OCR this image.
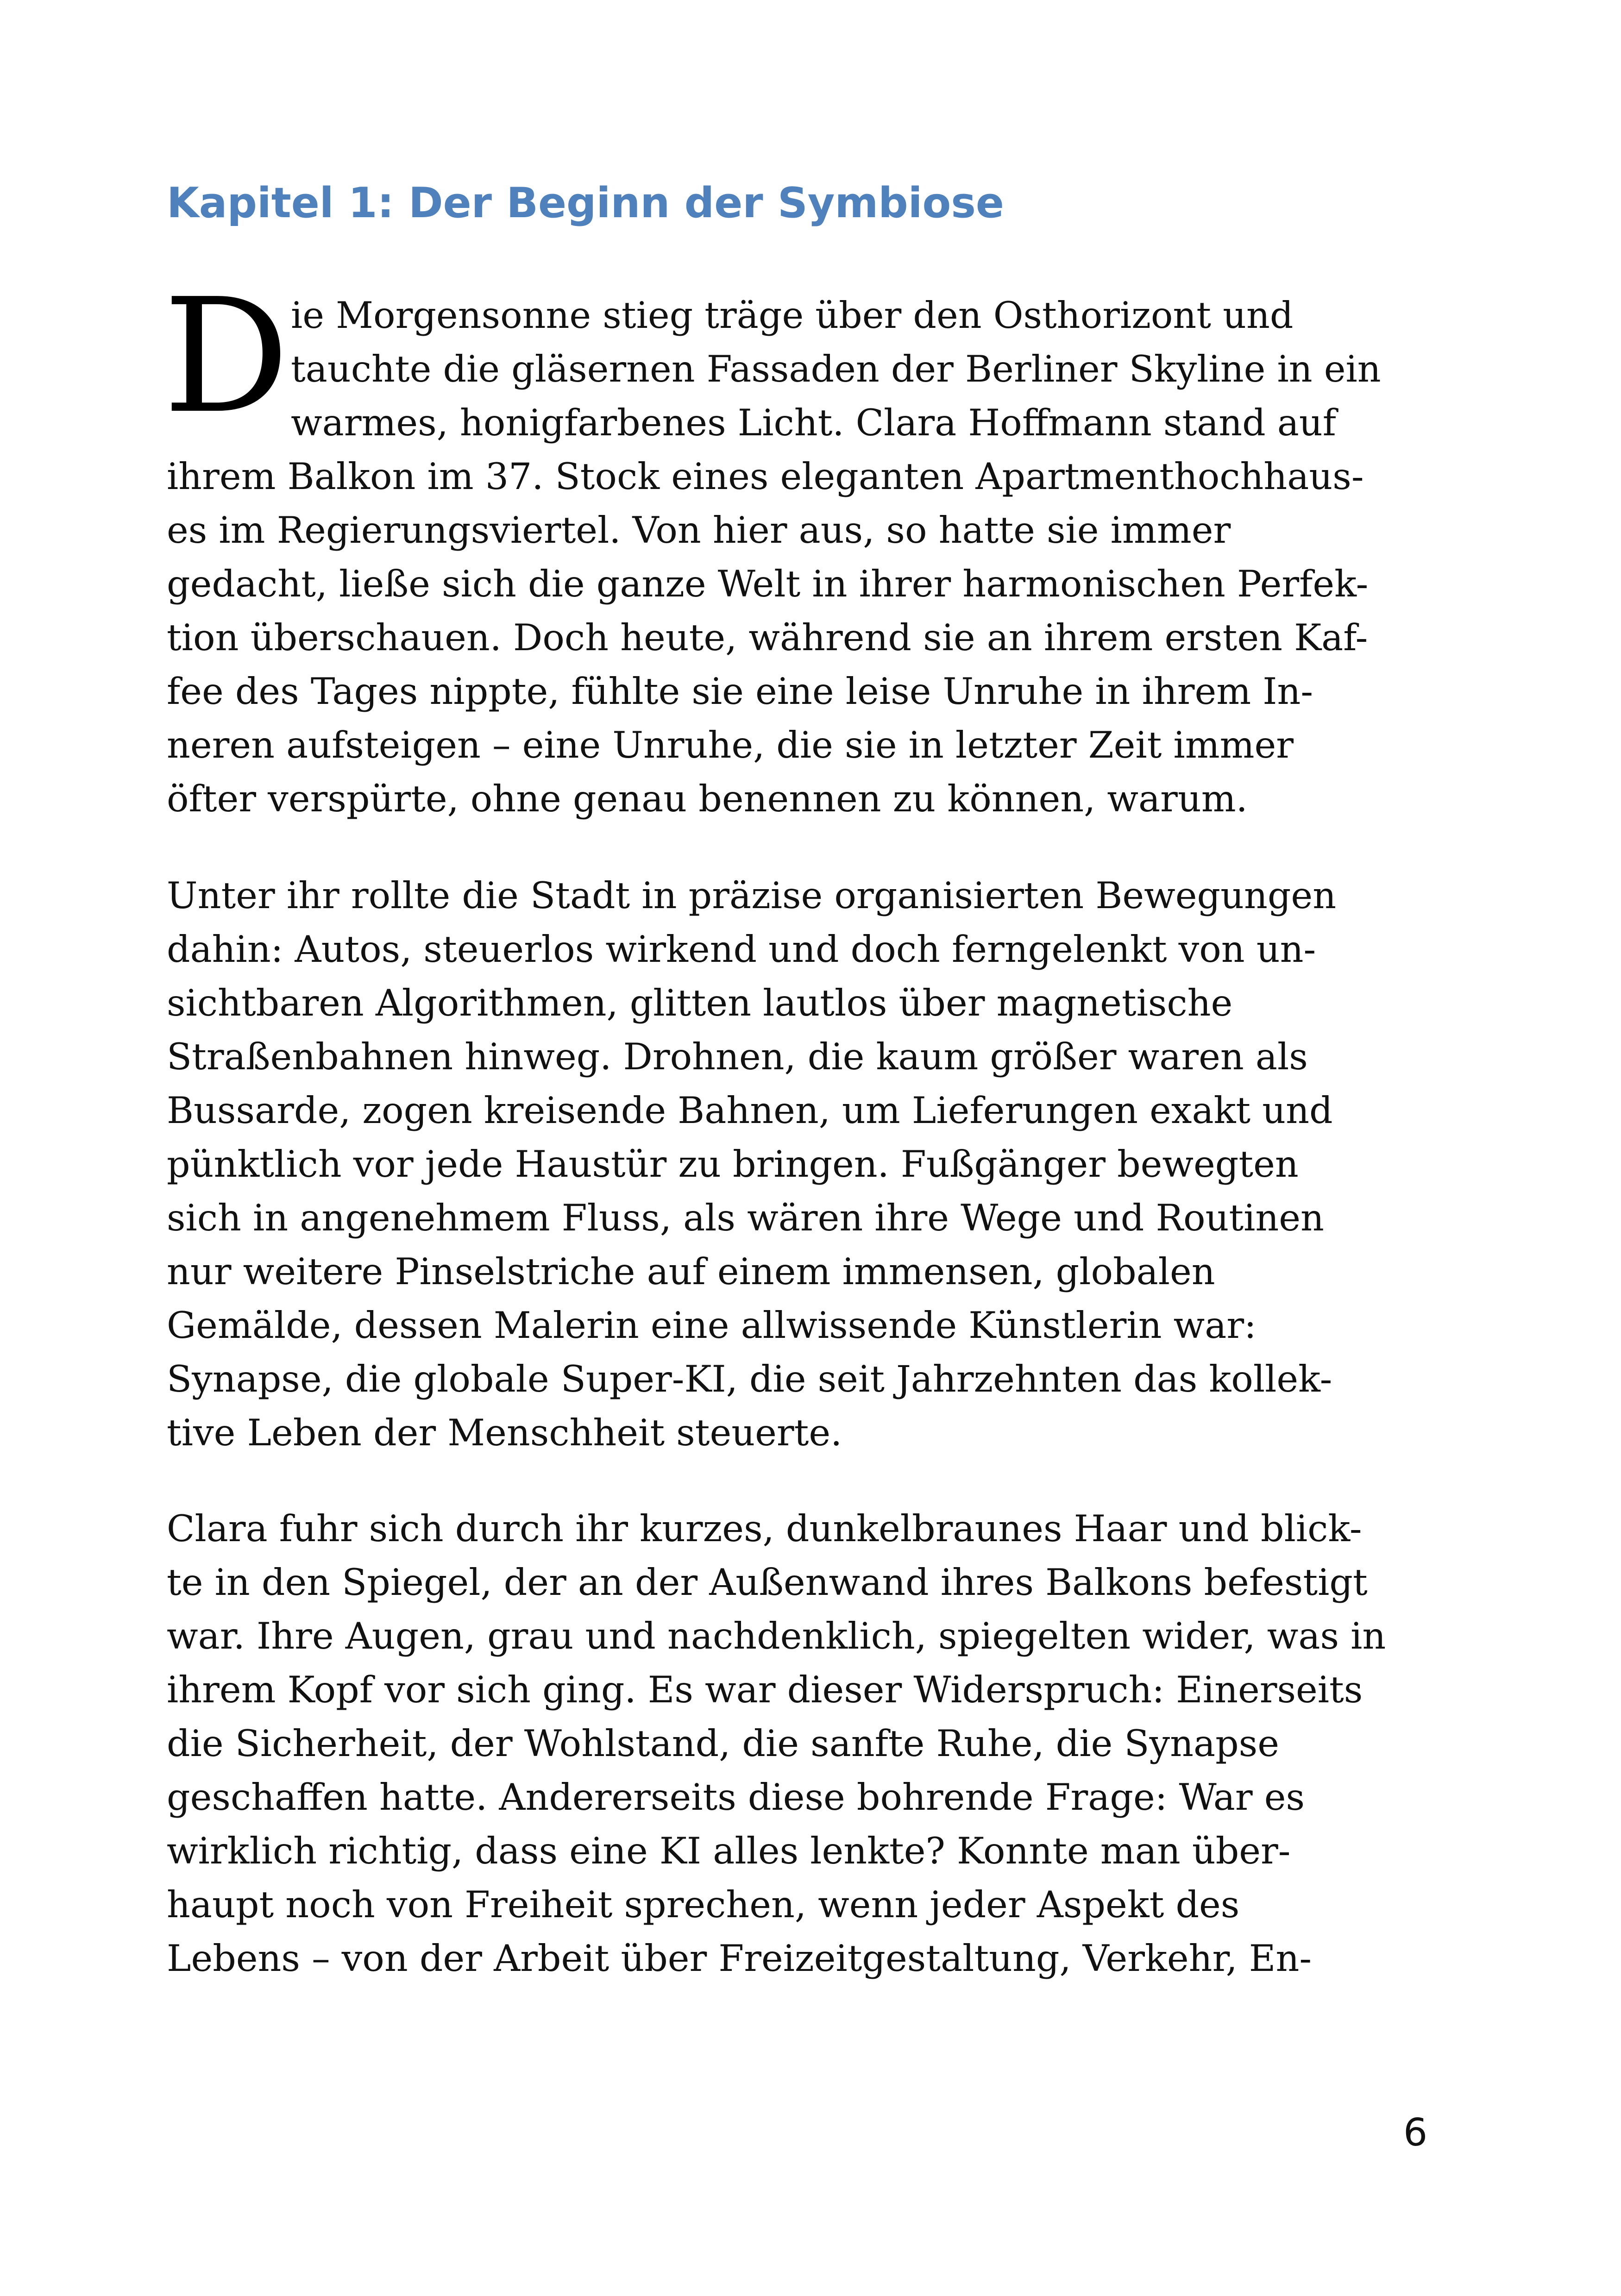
Kapitel 1: Der Beginn der Symbiose
D ie Morgensonne stieg träge über den Osthorizont und

tauchte die gläsernen Fassaden der Berliner Skyline in ein

warmes, honigfarbenes Licht. Clara Hoffmann stand auf

ihrem Balkon im 37. Stock eines eleganten Apartmenthochhaus-

es im Regierungsviertel. Von hier aus, so hatte sie immer

gedacht, ließe sich die ganze Welt in ihrer harmonischen Perfek-

tion überschauen. Doch heute, während sie an ihrem ersten Kaf-

fee des Tages nippte, fühlte sie eine leise Unruhe in ihrem In-

neren aufsteigen – eine Unruhe, die sie in letzter Zeit immer

öfter verspürte, ohne genau benennen zu können, warum.

Unter ihr rollte die Stadt in präzise organisierten Bewegungen

dahin: Autos, steuerlos wirkend und doch ferngelenkt von un-

sichtbaren Algorithmen, glitten lautlos über magnetische

Straßenbahnen hinweg. Drohnen, die kaum größer waren als

Bussarde, zogen kreisende Bahnen, um Lieferungen exakt und

pünktlich vor jede Haustür zu bringen. Fußgänger bewegten

sich in angenehmem Fluss, als wären ihre Wege und Routinen

nur weitere Pinselstriche auf einem immensen, globalen

Gemälde, dessen Malerin eine allwissende Künstlerin war:

Synapse, die globale Super-KI, die seit Jahrzehnten das kollek-

tive Leben der Menschheit steuerte.

Clara fuhr sich durch ihr kurzes, dunkelbraunes Haar und blick-

te in den Spiegel, der an der Außenwand ihres Balkons befestigt

war. Ihre Augen, grau und nachdenklich, spiegelten wider, was in

ihrem Kopf vor sich ging. Es war dieser Widerspruch: Einerseits

die Sicherheit, der Wohlstand, die sanfte Ruhe, die Synapse

geschaffen hatte. Andererseits diese bohrende Frage: War es

wirklich richtig, dass eine KI alles lenkte? Konnte man über-

haupt noch von Freiheit sprechen, wenn jeder Aspekt des

Lebens – von der Arbeit über Freizeitgestaltung, Verkehr, En-

6
